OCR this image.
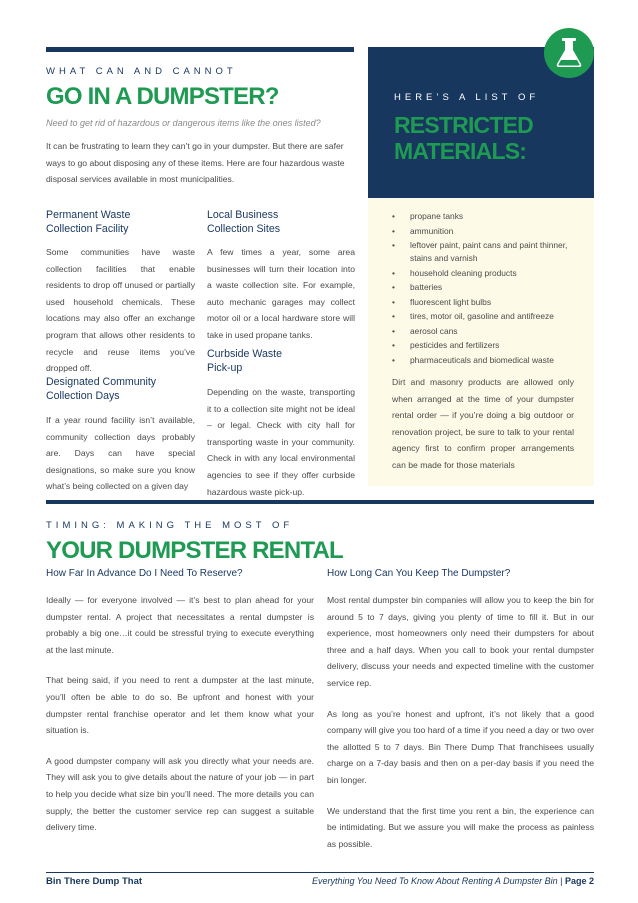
HERE’S A LIST OF
RESTRICTED
MATERIALS:
WHAT CAN AND CANNOT
GO IN A DUMPSTER?
Need to get rid of hazardous or dangerous items like the ones listed?

It can be frustrating to learn they can’t go in your dumpster. But there are safer ways to go about disposing any of these items. Here are four hazardous waste disposal services available in most municipalities.

Permanent Waste
Collection Facility

Some communities have waste collection facilities that enable residents to drop off unused or partially used household chemicals. These locations may also offer an exchange program that allows other residents to recycle and reuse items you’ve dropped off.

Designated Community
Collection Days

If a year round facility isn’t available, community collection days probably are. Days can have special designations, so make sure you know what’s being collected on a given day

Local Business
Collection Sites

A few times a year, some area businesses will turn their location into a waste collection site. For example, auto mechanic garages may collect motor oil or a local hardware store will take in used propane tanks.

Curbside Waste
Pick-up

Depending on the waste, transporting it to a collection site might not be ideal – or legal. Check with city hall for transporting waste in your community. Check in with any local environmental agencies to see if they offer curbside hazardous waste pick-up.

• propane tanks
• ammunition
• leftover paint, paint cans and paint thinner, stains and varnish
• household cleaning products
• batteries
• fluorescent light bulbs
• tires, motor oil, gasoline and antifreeze
• aerosol cans
• pesticides and fertilizers
• pharmaceuticals and biomedical waste

Dirt and masonry products are allowed only when arranged at the time of your dumpster rental order — if you’re doing a big outdoor or renovation project, be sure to talk to your rental agency first to confirm proper arrangements can be made for those materials

TIMING: MAKING THE MOST OF
YOUR DUMPSTER RENTAL
How Far In Advance Do I Need To Reserve?

Ideally — for everyone involved — it’s best to plan ahead for your dumpster rental. A project that necessitates a rental dumpster is probably a big one…it could be stressful trying to execute everything at the last minute.

That being said, if you need to rent a dumpster at the last minute, you’ll often be able to do so. Be upfront and honest with your dumpster rental franchise operator and let them know what your situation is.

A good dumpster company will ask you directly what your needs are. They will ask you to give details about the nature of your job — in part to help you decide what size bin you’ll need. The more details you can supply, the better the customer service rep can suggest a suitable delivery time.

How Long Can You Keep The Dumpster?

Most rental dumpster bin companies will allow you to keep the bin for around 5 to 7 days, giving you plenty of time to fill it. But in our experience, most homeowners only need their dumpsters for about three and a half days. When you call to book your rental dumpster delivery, discuss your needs and expected timeline with the customer service rep.

As long as you’re honest and upfront, it’s not likely that a good company will give you too hard of a time if you need a day or two over the allotted 5 to 7 days. Bin There Dump That franchisees usually charge on a 7-day basis and then on a per-day basis if you need the bin longer.

We understand that the first time you rent a bin, the experience can be intimidating. But we assure you will make the process as painless as possible.

Bin There Dump That	Everything You Need To Know About Renting A Dumpster Bin | Page 2
